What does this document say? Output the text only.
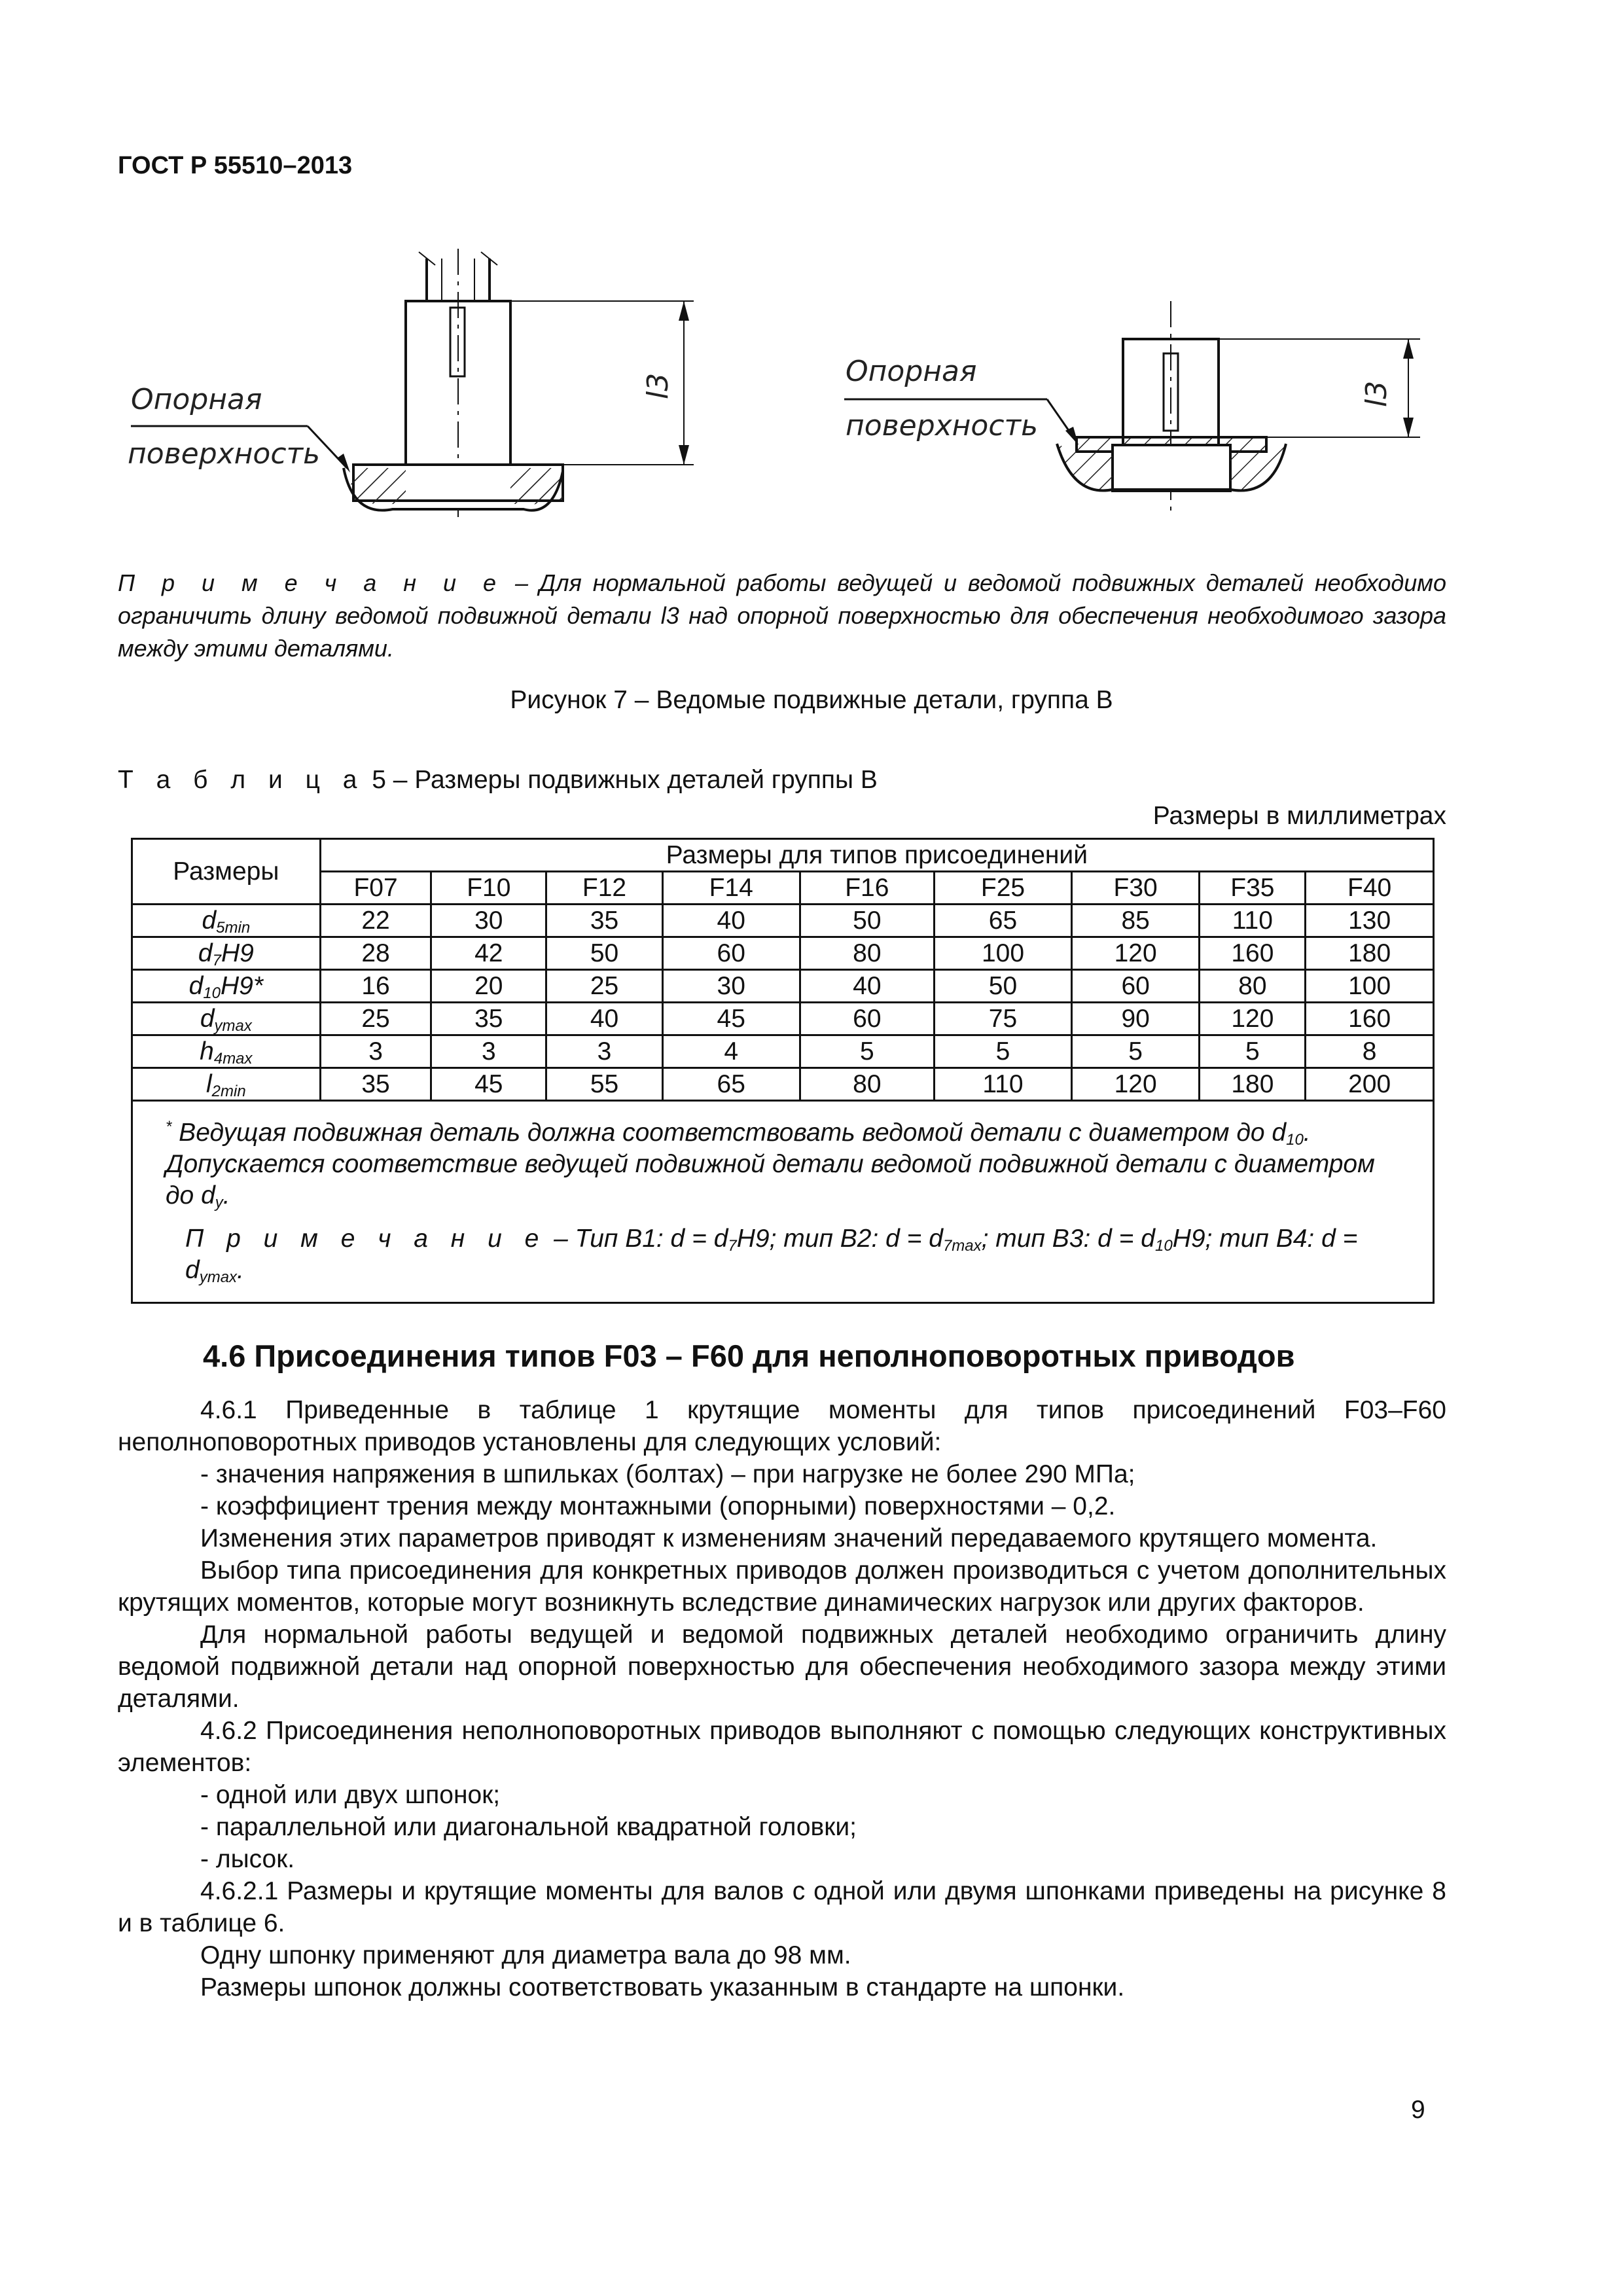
ГОСТ Р 55510–2013
Опорная
поверхность
l3	Опорная
поверхность
l3
П р и м е ч а н и е – Для нормальной работы ведущей и ведомой подвижных деталей необходимо ограничить длину ведомой подвижной детали l3 над опорной поверхностью для обеспечения необходимого зазора между этими деталями.
Рисунок 7 – Ведомые подвижные детали, группа В
Т а б л и ц а 5 – Размеры подвижных деталей группы В
Размеры в миллиметрах
Размеры	Размеры для типов присоединений								
	F07	F10	F12	F14	F16	F25	F30	F35	F40
$d_{5min}$	22	30	35	40	50	65	85	110	130
$d_7H9$	28	42	50	60	80	100	120	160	180
$d_{10}H9*$	16	20	25	30	40	50	60	80	100
$d_{ymax}$	25	35	40	45	60	75	90	120	160
$h_{4max}$	3	3	3	4	5	5	5	5	8
$l_{2min}$	35	45	55	65	80	110	120	180	200

* Ведущая подвижная деталь должна соответствовать ведомой детали с диаметром до $d_{10}$. Допускается соответствие ведущей подвижной детали ведомой подвижной детали с диаметром до $d_y$.
П р и м е ч а н и е – Тип В1: $d = d_7H9$; тип В2: $d = d_{7max}$; тип В3: $d = d_{10}H9$; тип В4: $d = d_{ymax}$.									
4.6 Присоединения типов F03 – F60 для неполноповоротных приводов

4.6.1 Приведенные в таблице 1 крутящие моменты для типов присоединений F03–F60 неполноповоротных приводов установлены для следующих условий:

- значения напряжения в шпильках (болтах) – при нагрузке не более 290 МПа;

- коэффициент трения между монтажными (опорными) поверхностями – 0,2.

Изменения этих параметров приводят к изменениям значений передаваемого крутящего момента.

Выбор типа присоединения для конкретных приводов должен производиться с учетом дополнительных крутящих моментов, которые могут возникнуть вследствие динамических нагрузок или других факторов.

Для нормальной работы ведущей и ведомой подвижных деталей необходимо ограничить длину ведомой подвижной детали над опорной поверхностью для обеспечения необходимого зазора между этими деталями.

4.6.2 Присоединения неполноповоротных приводов выполняют с помощью следующих конструктивных элементов:

- одной или двух шпонок;

- параллельной или диагональной квадратной головки;

- лысок.

4.6.2.1 Размеры и крутящие моменты для валов с одной или двумя шпонками приведены на рисунке 8 и в таблице 6.

Одну шпонку применяют для диаметра вала до 98 мм.

Размеры шпонок должны соответствовать указанным в стандарте на шпонки.

9
